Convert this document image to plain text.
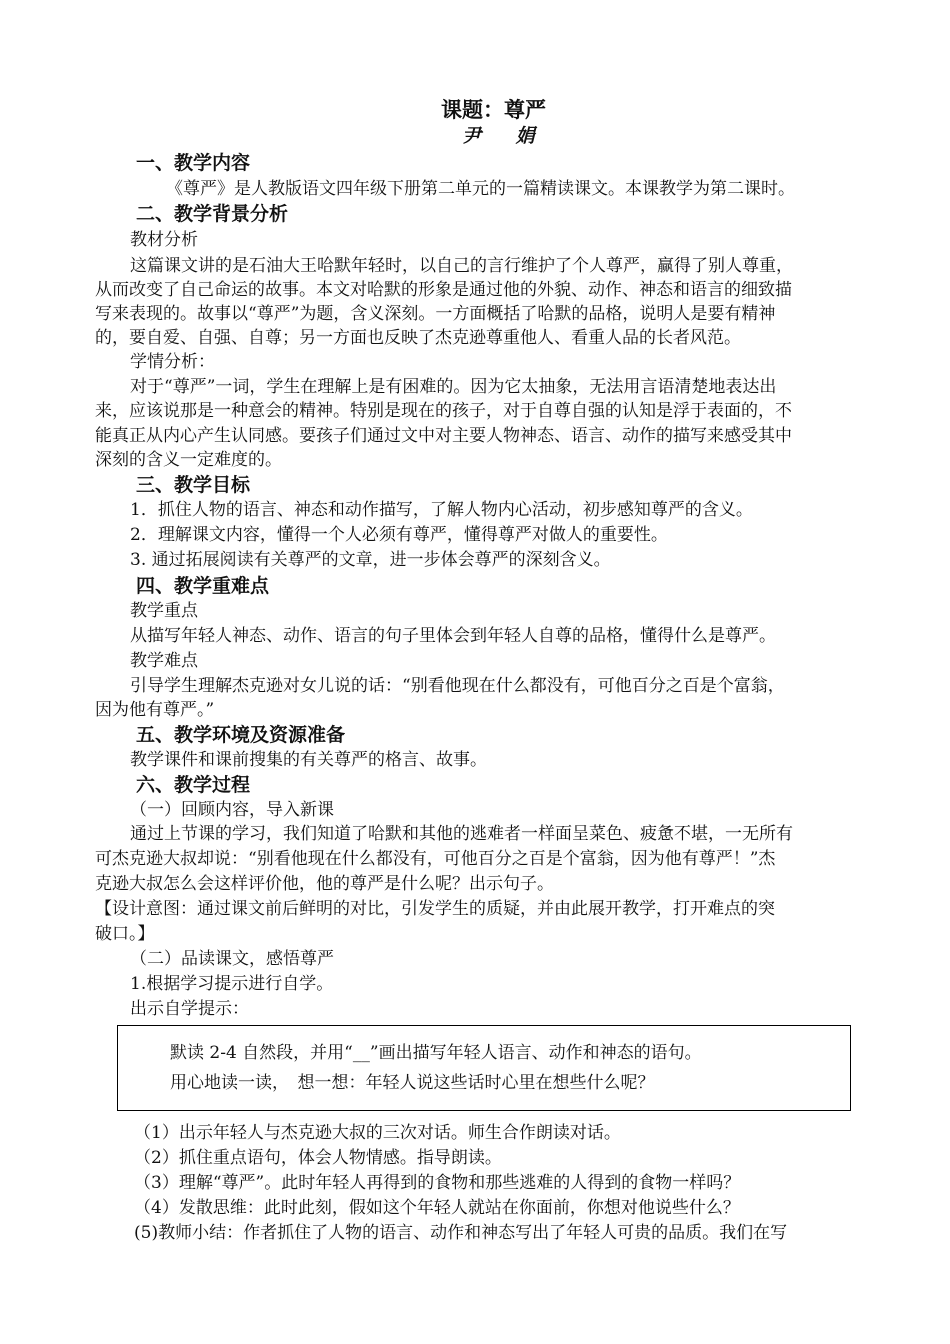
课题：尊严
尹 娟
一、教学内容
《尊严》是人教版语文四年级下册第二单元的一篇精读课文。本课教学为第二课时。
二、教学背景分析
教材分析
这篇课文讲的是石油大王哈默年轻时，以自己的言行维护了个人尊严，赢得了别人尊重，
从而改变了自己命运的故事。本文对哈默的形象是通过他的外貌、动作、神态和语言的细致描
写来表现的。故事以“尊严”为题，含义深刻。一方面概括了哈默的品格，说明人是要有精神
的，要自爱、自强、自尊；另一方面也反映了杰克逊尊重他人、看重人品的长者风范。
学情分析：
对于“尊严”一词，学生在理解上是有困难的。因为它太抽象，无法用言语清楚地表达出
来，应该说那是一种意会的精神。特别是现在的孩子，对于自尊自强的认知是浮于表面的，不
能真正从内心产生认同感。要孩子们通过文中对主要人物神态、语言、动作的描写来感受其中
深刻的含义一定难度的。
三、教学目标
1．抓住人物的语言、神态和动作描写，了解人物内心活动，初步感知尊严的含义。
2．理解课文内容，懂得一个人必须有尊严，懂得尊严对做人的重要性。
3. 通过拓展阅读有关尊严的文章，进一步体会尊严的深刻含义。
四、教学重难点
教学重点
从描写年轻人神态、动作、语言的句子里体会到年轻人自尊的品格，懂得什么是尊严。
教学难点
引导学生理解杰克逊对女儿说的话：“别看他现在什么都没有，可他百分之百是个富翁，
因为他有尊严。”
五、教学环境及资源准备
教学课件和课前搜集的有关尊严的格言、故事。
六、教学过程
（一）回顾内容，导入新课
通过上节课的学习，我们知道了哈默和其他的逃难者一样面呈菜色、疲惫不堪，一无所有
可杰克逊大叔却说：“别看他现在什么都没有，可他百分之百是个富翁，因为他有尊严！”杰
克逊大叔怎么会这样评价他，他的尊严是什么呢？出示句子。
【设计意图：通过课文前后鲜明的对比，引发学生的质疑，并由此展开教学，打开难点的突
破口。】
（二）品读课文，感悟尊严
1.根据学习提示进行自学。
出示自学提示：
默读 2-4 自然段，并用“__”画出描写年轻人语言、动作和神态的语句。
用心地读一读，　想一想：年轻人说这些话时心里在想些什么呢？
（1）出示年轻人与杰克逊大叔的三次对话。师生合作朗读对话。
（2）抓住重点语句，体会人物情感。指导朗读。
（3）理解“尊严”。此时年轻人再得到的食物和那些逃难的人得到的食物一样吗？
（4）发散思维：此时此刻，假如这个年轻人就站在你面前，你想对他说些什么？
(5)教师小结：作者抓住了人物的语言、动作和神态写出了年轻人可贵的品质。我们在写
